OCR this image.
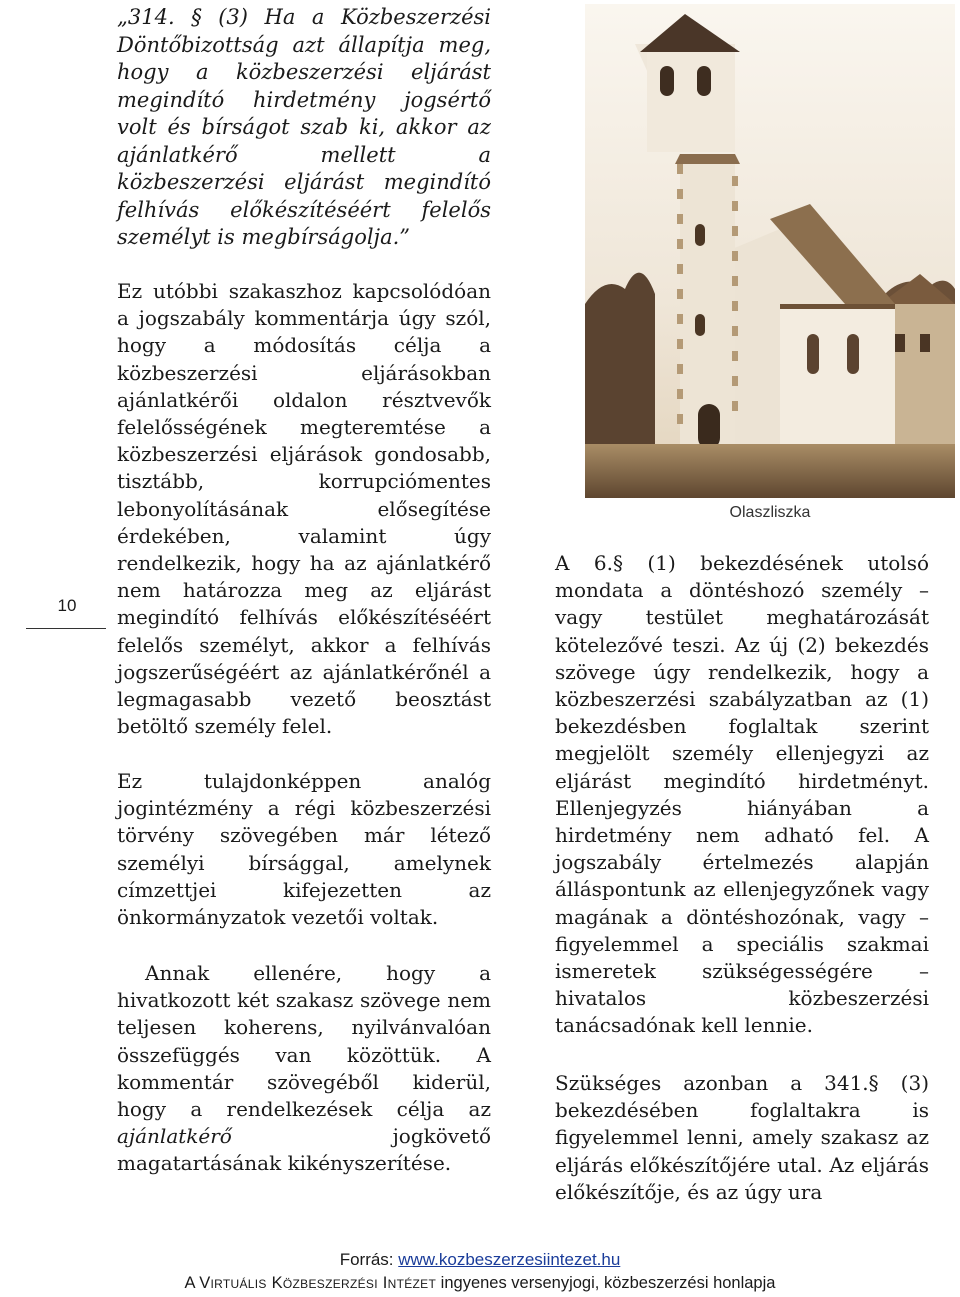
10

„314. § (3) Ha a Közbeszerzési Döntőbizottság azt állapítja meg, hogy a közbeszerzési eljárást megindító hirdetmény jogsértő volt és bírságot szab ki, akkor az ajánlatkérő mellett a közbeszerzési eljárást megindító felhívás előkészítéséért felelős személyt is megbírságolja.”

Ez utóbbi szakaszhoz kapcsolódóan a jogszabály kommentárja úgy szól, hogy a módosítás célja a közbeszerzési eljárásokban ajánlatkérői oldalon résztvevők felelősségének megteremtése a közbeszerzési eljárások gondosabb, tisztább, korrupciómentes lebonyolításának elősegítése érdekében, valamint úgy rendelkezik, hogy ha az ajánlatkérő nem határozza meg az eljárást megindító felhívás előkészítéséért felelős személyt, akkor a felhívás jogszerűségéért az ajánlatkérőnél a legmagasabb vezető beosztást betöltő személy felel.

Ez tulajdonképpen analóg jogintézmény a régi közbeszerzési törvény szövegében már létező személyi bírsággal, amelynek címzettjei kifejezetten az önkormányzatok vezetői voltak.

Annak ellenére, hogy a hivatkozott két szakasz szövege nem teljesen koherens, nyilvánvalóan összefüggés van közöttük. A kommentár szövegéből kiderül, hogy a rendelkezések célja az ajánlatkérő jogkövető magatartásának kikényszerítése.

Olaszliszka

A 6.§ (1) bekezdésének utolsó mondata a döntéshozó személy – vagy testület meghatározását kötelezővé teszi. Az új (2) bekezdés szövege úgy rendelkezik, hogy a közbeszerzési szabályzatban az (1) bekezdésben foglaltak szerint megjelölt személy ellenjegyzi az eljárást megindító hirdetményt. Ellenjegyzés hiányában a hirdetmény nem adható fel. A jogszabály értelmezés alapján álláspontunk az ellenjegyzőnek vagy magának a döntéshozónak, vagy – figyelemmel a speciális szakmai ismeretek szükségességére – hivatalos közbeszerzési tanácsadónak kell lennie.

Szükséges azonban a 341.§ (3) bekezdésében foglaltakra is figyelemmel lenni, amely szakasz az eljárás előkészítőjére utal. Az eljárás előkészítője, és az úgy ura

Forrás: www.kozbeszerzesiintezet.hu
A Virtuális Közbeszerzési Intézet ingyenes versenyjogi, közbeszerzési honlapja
